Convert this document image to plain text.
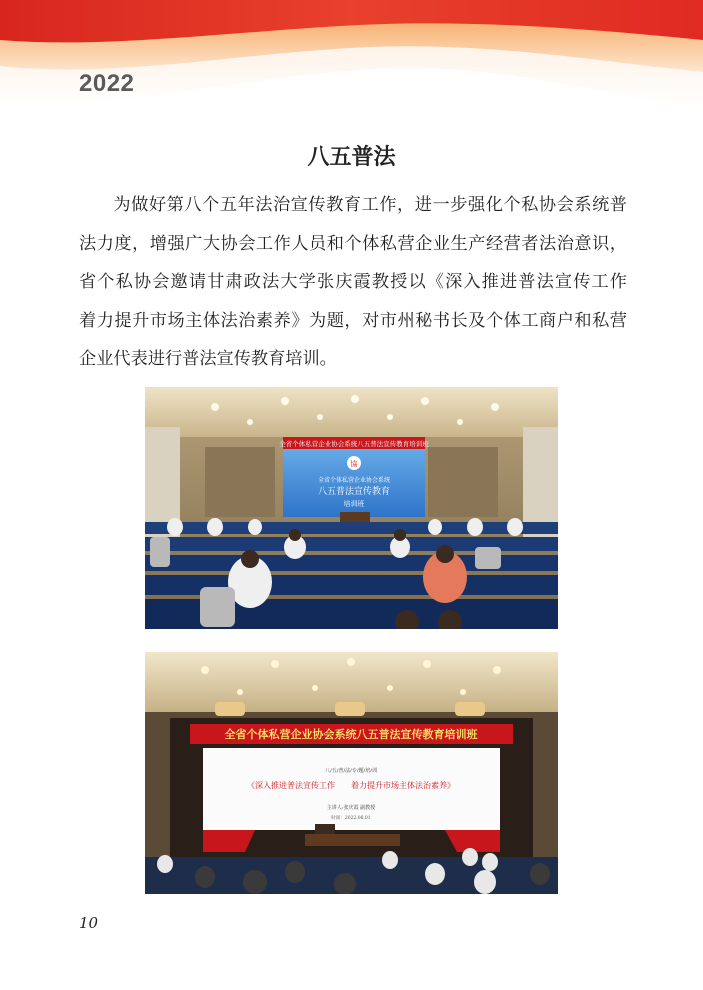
2022
八五普法

为做好第八个五年法治宣传教育工作，进一步强化个私协会系统普法力度，增强广大协会工作人员和个体私营企业生产经营者法治意识，省个私协会邀请甘肃政法大学张庆霞教授以《深入推进普法宣传工作　着力提升市场主体法治素养》为题，对市州秘书长及个体工商户和私营企业代表进行普法宣传教育培训。

全省个体私营企业协会系统八五普法宣传教育培训班
協
全省个体私营企业协会系统
八五普法宣传教育
培训班
全省个体私营企业协会系统八五普法宣传教育培训班
八/五/普/法/专/题/培/训
《深入推进普法宣传工作　　着力提升市场主体法治素养》
主讲人:张庆霞 副教授
时间：2022.06.01
10
